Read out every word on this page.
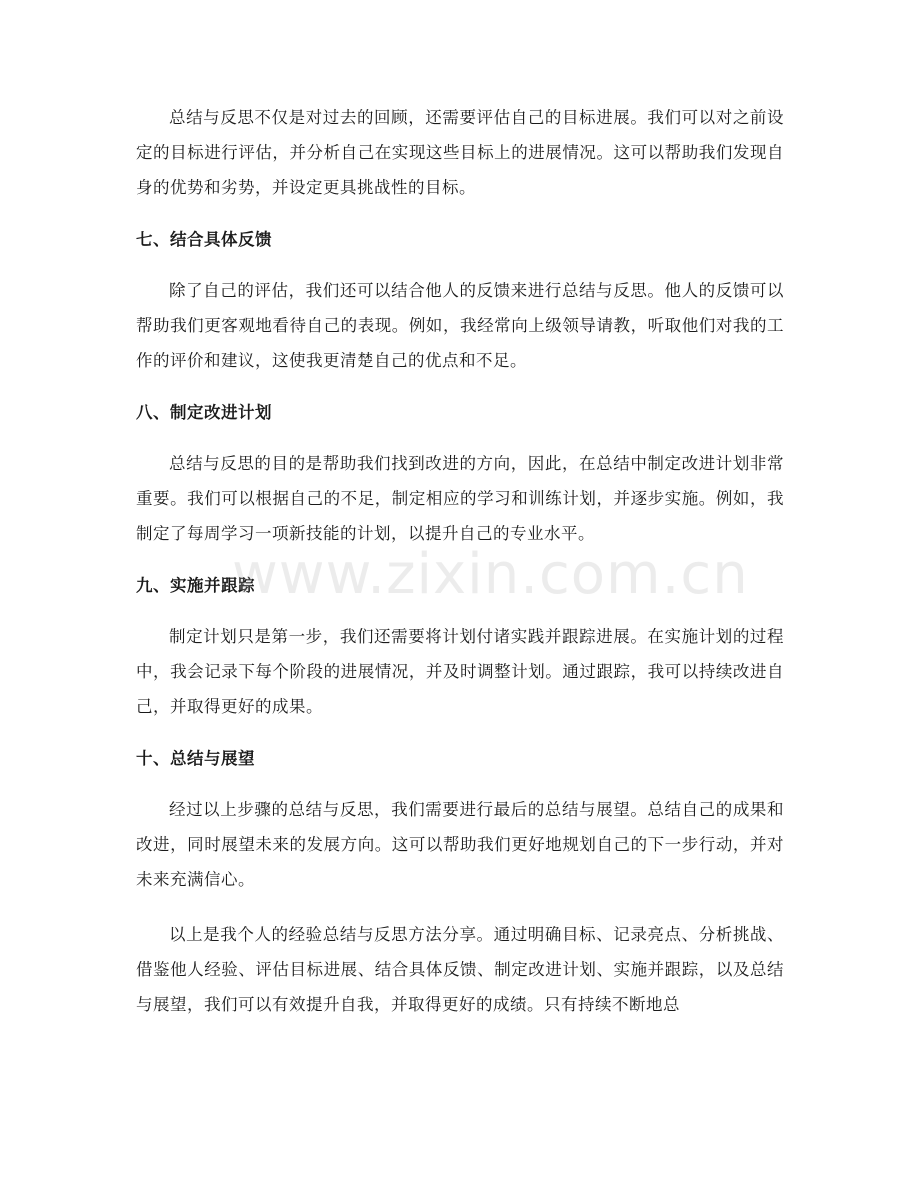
总结与反思不仅是对过去的回顾，还需要评估自己的目标进展。我们可以对之前设定的目标进行评估，并分析自己在实现这些目标上的进展情况。这可以帮助我们发现自身的优势和劣势，并设定更具挑战性的目标。

七、结合具体反馈

除了自己的评估，我们还可以结合他人的反馈来进行总结与反思。他人的反馈可以帮助我们更客观地看待自己的表现。例如，我经常向上级领导请教，听取他们对我的工作的评价和建议，这使我更清楚自己的优点和不足。

八、制定改进计划

总结与反思的目的是帮助我们找到改进的方向，因此，在总结中制定改进计划非常重要。我们可以根据自己的不足，制定相应的学习和训练计划，并逐步实施。例如，我制定了每周学习一项新技能的计划，以提升自己的专业水平。

九、实施并跟踪

制定计划只是第一步，我们还需要将计划付诸实践并跟踪进展。在实施计划的过程中，我会记录下每个阶段的进展情况，并及时调整计划。通过跟踪，我可以持续改进自己，并取得更好的成果。

十、总结与展望

经过以上步骤的总结与反思，我们需要进行最后的总结与展望。总结自己的成果和改进，同时展望未来的发展方向。这可以帮助我们更好地规划自己的下一步行动，并对未来充满信心。

以上是我个人的经验总结与反思方法分享。通过明确目标、记录亮点、分析挑战、借鉴他人经验、评估目标进展、结合具体反馈、制定改进计划、实施并跟踪，以及总结与展望，我们可以有效提升自我，并取得更好的成绩。只有持续不断地总

www.zixin.com.cn
